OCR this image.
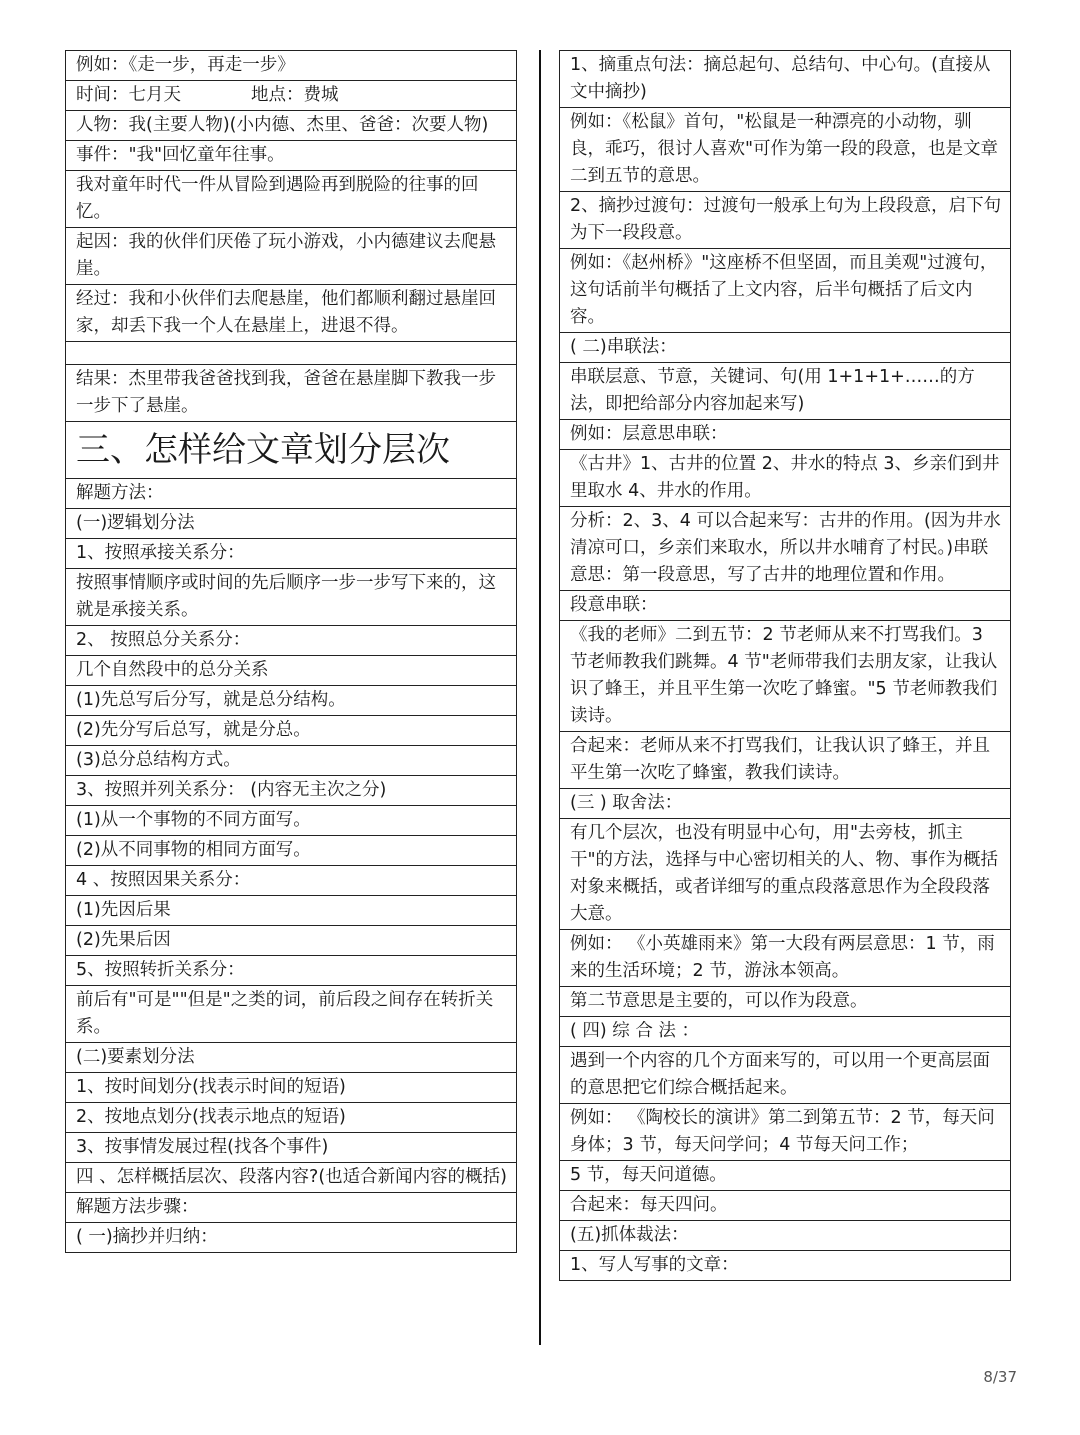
例如：《走一步，再走一步》
时间：七月天　　　　地点：费城
人物：我(主要人物)(小内德、杰里、爸爸：次要人物)
事件："我"回忆童年往事。
我对童年时代一件从冒险到遇险再到脱险的往事的回忆。
起因：我的伙伴们厌倦了玩小游戏，小内德建议去爬悬崖。
经过：我和小伙伴们去爬悬崖，他们都顺利翻过悬崖回家，却丢下我一个人在悬崖上，进退不得。
结果：杰里带我爸爸找到我，爸爸在悬崖脚下教我一步一步下了悬崖。
三、怎样给文章划分层次
解题方法：
(一)逻辑划分法
1、按照承接关系分：
按照事情顺序或时间的先后顺序一步一步写下来的，这就是承接关系。
2、 按照总分关系分：
几个自然段中的总分关系
(1)先总写后分写，就是总分结构。
(2)先分写后总写，就是分总。
(3)总分总结构方式。
3、按照并列关系分： (内容无主次之分)
(1)从一个事物的不同方面写。
(2)从不同事物的相同方面写。
4 、按照因果关系分：
(1)先因后果
(2)先果后因
5、按照转折关系分：
前后有"可是""但是"之类的词，前后段之间存在转折关系。
(二)要素划分法
1、按时间划分(找表示时间的短语)
2、按地点划分(找表示地点的短语)
3、按事情发展过程(找各个事件)
四 、怎样概括层次、段落内容?(也适合新闻内容的概括)
解题方法步骤：
( 一)摘抄并归纳：
1、摘重点句法：摘总起句、总结句、中心句。(直接从文中摘抄)
例如：《松鼠》首句，"松鼠是一种漂亮的小动物，驯良，乖巧，很讨人喜欢"可作为第一段的段意，也是文章二到五节的意思。
2、摘抄过渡句：过渡句一般承上句为上段段意，启下句为下一段段意。
例如：《赵州桥》"这座桥不但坚固，而且美观"过渡句，这句话前半句概括了上文内容，后半句概括了后文内容。
( 二)串联法：
串联层意、节意，关键词、句(用 1+1+1+……的方法，即把给部分内容加起来写)
例如：层意思串联：
《古井》1、古井的位置 2、井水的特点 3、乡亲们到井里取水 4、井水的作用。
分析：2、3、4 可以合起来写：古井的作用。(因为井水清凉可口，乡亲们来取水，所以井水哺育了村民。)串联意思：第一段意思，写了古井的地理位置和作用。
段意串联：
《我的老师》二到五节：2 节老师从来不打骂我们。3 节老师教我们跳舞。4 节"老师带我们去朋友家，让我认识了蜂王，并且平生第一次吃了蜂蜜。"5 节老师教我们读诗。
合起来：老师从来不打骂我们，让我认识了蜂王，并且平生第一次吃了蜂蜜，教我们读诗。
(三 ) 取舍法：
有几个层次，也没有明显中心句，用"去旁枝，抓主干"的方法，选择与中心密切相关的人、物、事作为概括对象来概括，或者详细写的重点段落意思作为全段段落大意。
例如： 《小英雄雨来》第一大段有两层意思：1 节，雨来的生活环境；2 节，游泳本领高。
第二节意思是主要的，可以作为段意。
( 四) 综 合 法 ：
遇到一个内容的几个方面来写的，可以用一个更高层面的意思把它们综合概括起来。
例如： 《陶校长的演讲》第二到第五节：2 节，每天问身体；3 节，每天问学问；4 节每天问工作；
5 节，每天问道德。
合起来：每天四问。
(五)抓体裁法：
1、写人写事的文章：
8/37
